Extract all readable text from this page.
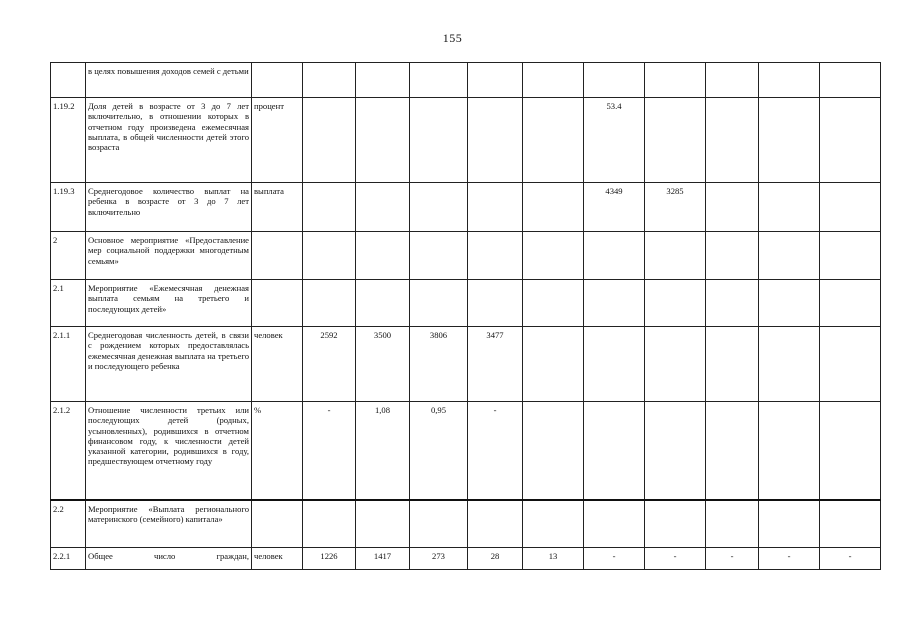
155
	в целях повышения доходов семей с детьми											
1.19.2	Доля детей в возрасте от 3 до 7 лет включительно, в отношении которых в отчетном году произведена ежемесячная выплата, в общей численности детей этого возраста	процент						53.4				
1.19.3	Среднегодовое количество выплат на ребенка в возрасте от 3 до 7 лет включительно	выплата						4349	3285			
2	Основное мероприятие «Предоставление мер социальной поддержки многодетным семьям»											
2.1	Мероприятие «Ежемесячная денежная выплата семьям на третьего и последующих детей»											
2.1.1	Среднегодовая численность детей, в связи с рождением которых предоставлялась ежемесячная денежная выплата на третьего и последующего ребенка	человек	2592	3500	3806	3477						
2.1.2	Отношение численности третьих или последующих детей (родных, усыновленных), родившихся в отчетном финансовом году, к численности детей указанной категории, родившихся в году, предшествующем отчетному году	%	-	1,08	0,95	-						
2.2	Мероприятие «Выплата регионального материнского (семейного) капитала»											
2.2.1	Общее число граждан,	человек	1226	1417	273	28	13	-	-	-	-	-
